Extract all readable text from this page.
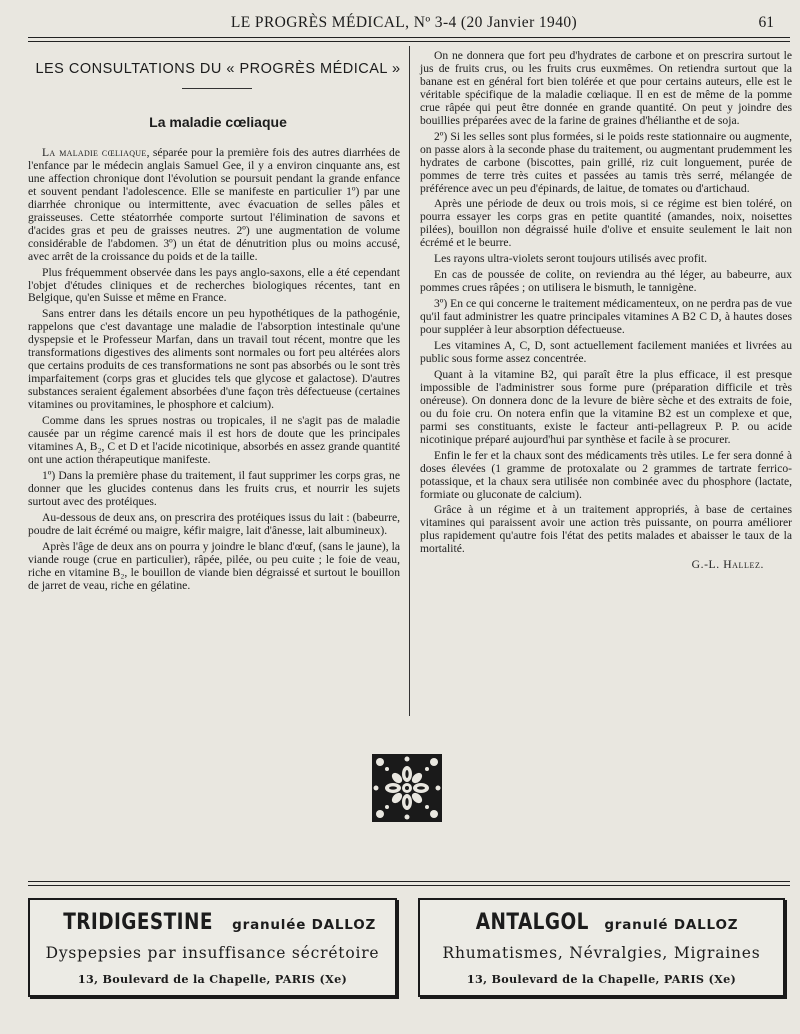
LE PROGRÈS MÉDICAL, Nº 3-4 (20 Janvier 1940)	61
LES CONSULTATIONS DU « PROGRÈS MÉDICAL »
La maladie cœliaque

La maladie cœliaque, séparée pour la première fois des autres diarrhées de l'enfance par le médecin anglais Samuel Gee, il y a environ cinquante ans, est une affection chronique dont l'évolution se poursuit pendant la grande enfance et souvent pendant l'adolescence. Elle se manifeste en particulier 1º) par une diarrhée chronique ou intermittente, avec évacuation de selles pâles et graisseuses. Cette stéatorrhée comporte surtout l'élimination de savons et d'acides gras et peu de graisses neutres. 2º) une augmentation de volume considérable de l'abdomen. 3º) un état de dénutrition plus ou moins accusé, avec arrêt de la croissance du poids et de la taille.

Plus fréquemment observée dans les pays anglo-saxons, elle a été cependant l'objet d'études cliniques et de recherches biologiques récentes, tant en Belgique, qu'en Suisse et même en France.

Sans entrer dans les détails encore un peu hypothétiques de la pathogénie, rappelons que c'est davantage une maladie de l'absorption intestinale qu'une dyspepsie et le Professeur Marfan, dans un travail tout récent, montre que les transformations digestives des aliments sont normales ou fort peu altérées alors que certains produits de ces transformations ne sont pas absorbés ou le sont très imparfaitement (corps gras et glucides tels que glycose et galactose). D'autres substances seraient également absorbées d'une façon très défectueuse (certaines vitamines ou provitamines, le phosphore et calcium).

Comme dans les sprues nostras ou tropicales, il ne s'agit pas de maladie causée par un régime carencé mais il est hors de doute que les principales vitamines A, B₂, C et D et l'acide nicotinique, absorbés en assez grande quantité ont une action thérapeutique manifeste.

1º) Dans la première phase du traitement, il faut supprimer les corps gras, ne donner que les glucides contenus dans les fruits crus, et nourrir les sujets surtout avec des protéiques.

Au-dessous de deux ans, on prescrira des protéiques issus du lait : (babeurre, poudre de lait écrémé ou maigre, kéfir maigre, lait d'ânesse, lait albumineux).

Après l'âge de deux ans on pourra y joindre le blanc d'œuf, (sans le jaune), la viande rouge (crue en particulier), râpée, pilée, ou peu cuite ; le foie de veau, riche en vitamine B₂, le bouillon de viande bien dégraissé et surtout le bouillon de jarret de veau, riche en gélatine.

On ne donnera que fort peu d'hydrates de carbone et on prescrira surtout le jus de fruits crus, ou les fruits crus euxmêmes. On retiendra surtout que la banane est en général fort bien tolérée et que pour certains auteurs, elle est le véritable spécifique de la maladie cœliaque. Il en est de même de la pomme crue râpée qui peut être donnée en grande quantité. On peut y joindre des bouillies préparées avec de la farine de graines d'hélianthe et de soja.

2º) Si les selles sont plus formées, si le poids reste stationnaire ou augmente, on passe alors à la seconde phase du traitement, ou augmentant prudemment les hydrates de carbone (biscottes, pain grillé, riz cuit longuement, purée de pommes de terre très cuites et passées au tamis très serré, mélangée de préférence avec un peu d'épinards, de laitue, de tomates ou d'artichaud.

Après une période de deux ou trois mois, si ce régime est bien toléré, on pourra essayer les corps gras en petite quantité (amandes, noix, noisettes pilées), bouillon non dégraissé huile d'olive et ensuite seulement le lait non écrémé et le beurre.

Les rayons ultra-violets seront toujours utilisés avec profit.

En cas de poussée de colite, on reviendra au thé léger, au babeurre, aux pommes crues râpées ; on utilisera le bismuth, le tannigène.

3º) En ce qui concerne le traitement médicamenteux, on ne perdra pas de vue qu'il faut administrer les quatre principales vitamines A B2 C D, à hautes doses pour suppléer à leur absorption défectueuse.

Les vitamines A, C, D, sont actuellement facilement maniées et livrées au public sous forme assez concentrée.

Quant à la vitamine B2, qui paraît être la plus efficace, il est presque impossible de l'administrer sous forme pure (préparation difficile et très onéreuse). On donnera donc de la levure de bière sèche et des extraits de foie, ou du foie cru. On notera enfin que la vitamine B2 est un complexe et que, parmi ses constituants, existe le facteur anti-pellagreux P. P. ou acide nicotinique préparé aujourd'hui par synthèse et facile à se procurer.

Enfin le fer et la chaux sont des médicaments très utiles. Le fer sera donné à doses élevées (1 gramme de protoxalate ou 2 grammes de tartrate ferrico-potassique, et la chaux sera utilisée non combinée avec du phosphore (lactate, formiate ou gluconate de calcium).

Grâce à un régime et à un traitement appropriés, à base de certaines vitamines qui paraissent avoir une action très puissante, on pourra améliorer plus rapidement qu'autre fois l'état des petits malades et abaisser le taux de la mortalité.

G.-L. Hallez.
TRIDIGESTINE granulée DALLOZ
Dyspepsies par insuffisance sécrétoire
13, Boulevard de la Chapelle, PARIS (Xe)
ANTALGOL granulé DALLOZ
Rhumatismes, Névralgies, Migraines
13, Boulevard de la Chapelle, PARIS (Xe)
